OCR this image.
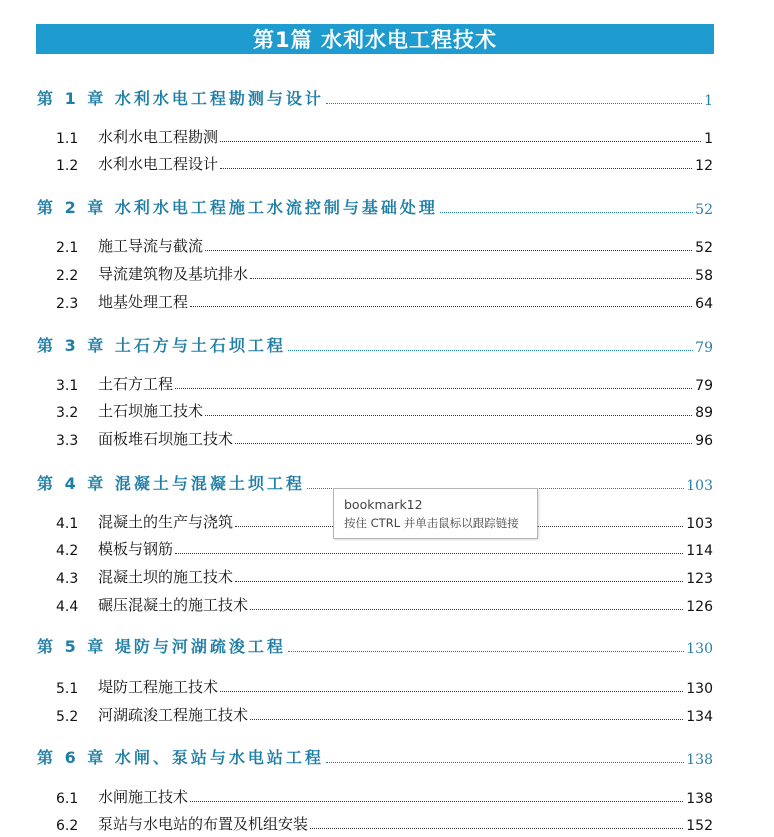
第1篇 水利水电工程技术
第 1 章 水利水电工程勘测与设计	1
1.1	水利水电工程勘测	1
1.2	水利水电工程设计	12
第 2 章 水利水电工程施工水流控制与基础处理	52
2.1	施工导流与截流	52
2.2	导流建筑物及基坑排水	58
2.3	地基处理工程	64
第 3 章 土石方与土石坝工程	79
3.1	土石方工程	79
3.2	土石坝施工技术	89
3.3	面板堆石坝施工技术	96
第 4 章 混凝土与混凝土坝工程	103
4.1	混凝土的生产与浇筑	103
4.2	模板与钢筋	114
4.3	混凝土坝的施工技术	123
4.4	碾压混凝土的施工技术	126
第 5 章 堤防与河湖疏浚工程	130
5.1	堤防工程施工技术	130
5.2	河湖疏浚工程施工技术	134
第 6 章 水闸、泵站与水电站工程	138
6.1	水闸施工技术	138
6.2	泵站与水电站的布置及机组安装	152
bookmark12
按住 CTRL 并单击鼠标以跟踪链接
